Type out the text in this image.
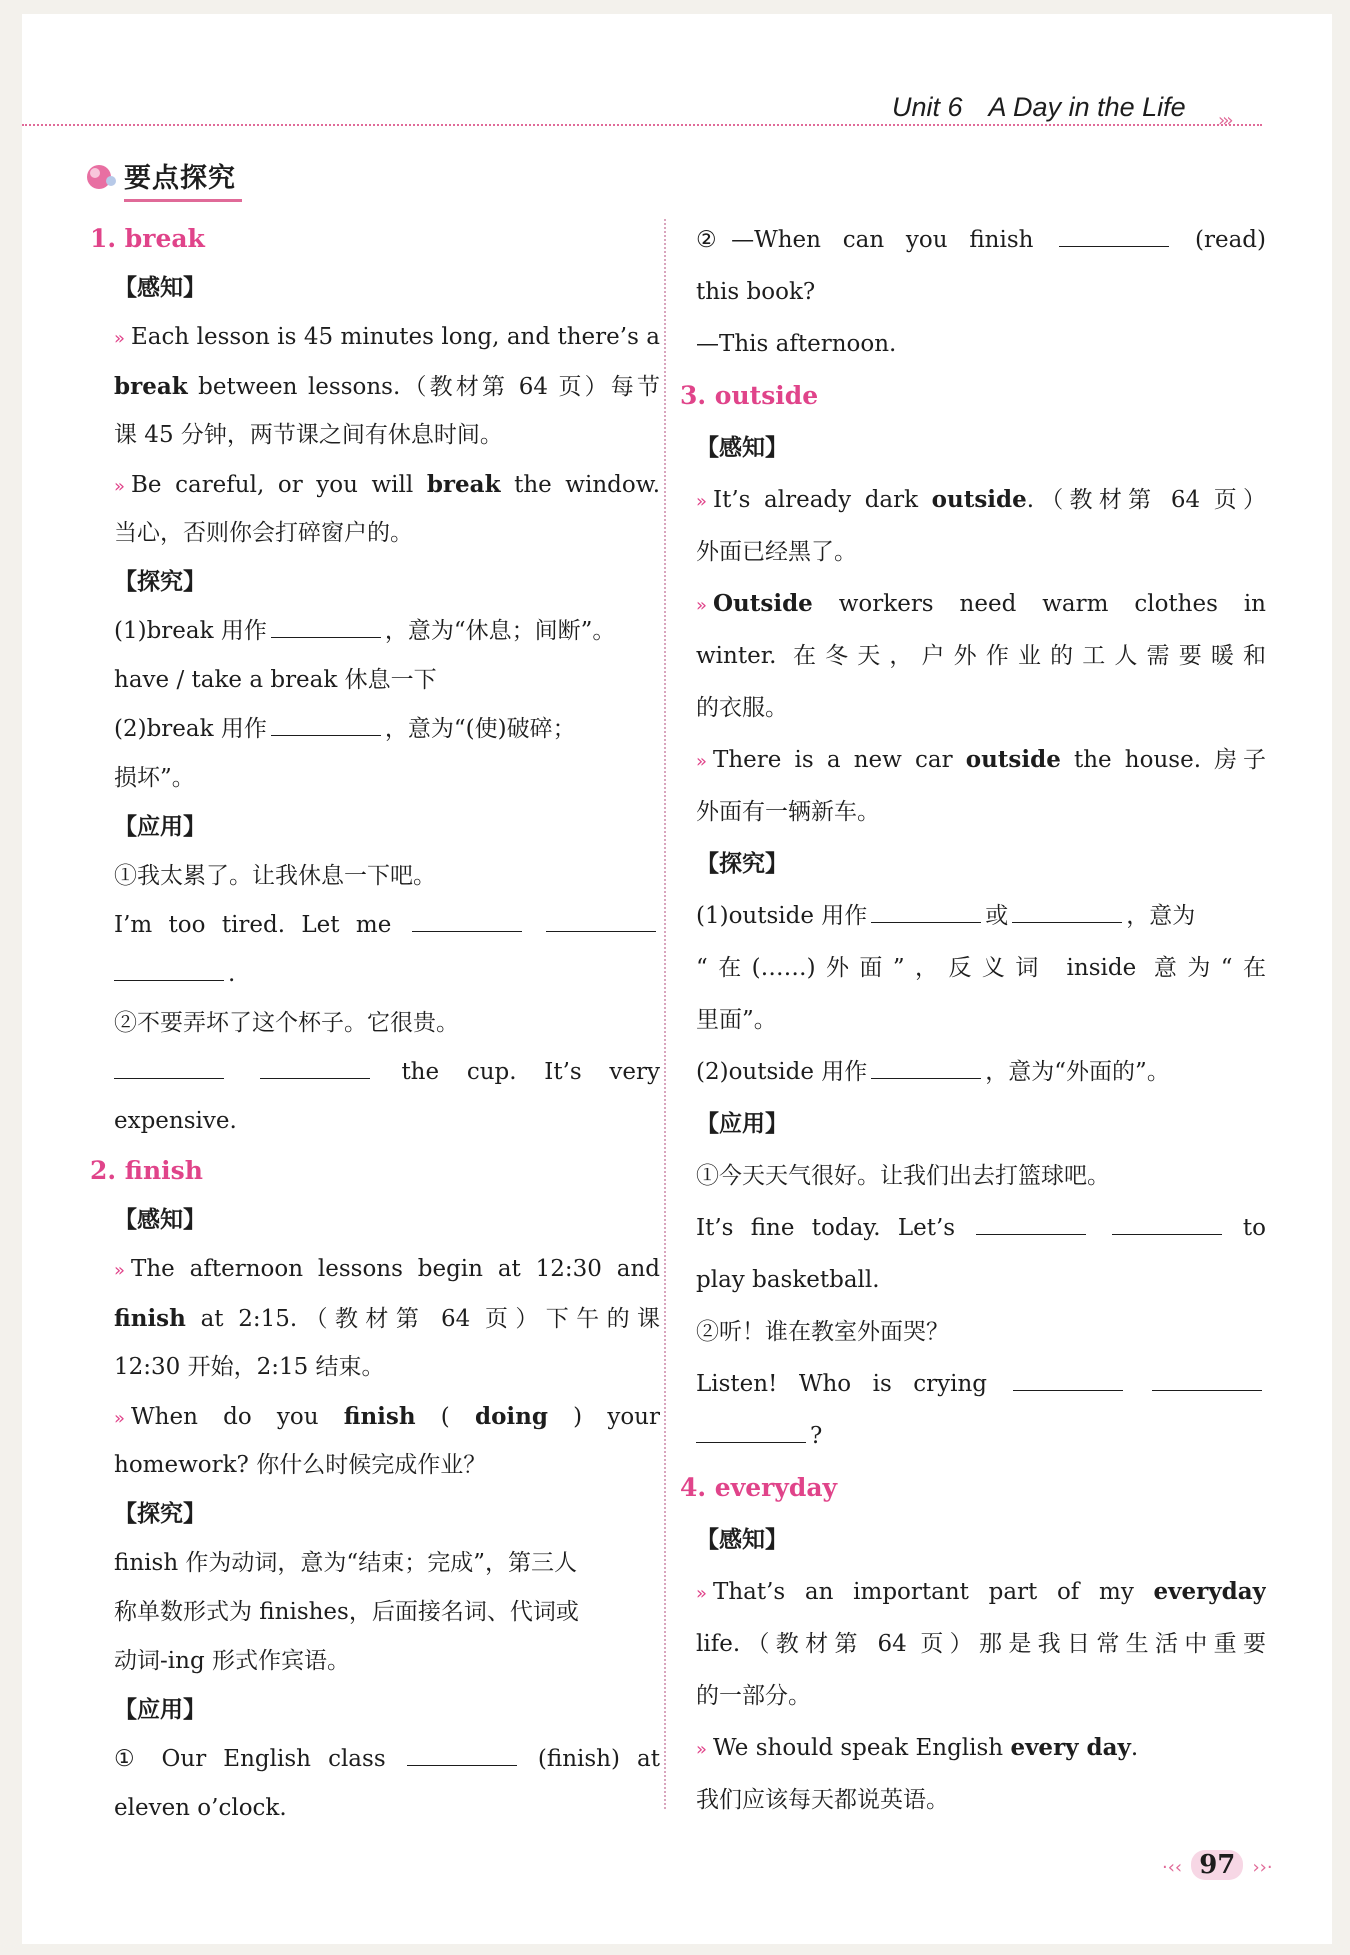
Unit 6 A Day in the Life ›››
要点探究
1. break
【感知】
» Each lesson is 45 minutes long, and there’s a
break between lessons.（教材第 64 页）每节
课 45 分钟，两节课之间有休息时间。
» Be careful, or you will break the window.
当心，否则你会打碎窗户的。
【探究】
(1)break 用作	，意为“休息；间断”。
have / take a break 休息一下
(2)break 用作	，意为“(使)破碎；
损坏”。
【应用】
①我太累了。让我休息一下吧。
I’m too tired. Let me
.
②不要弄坏了这个杯子。它很贵。
the cup. It’s very
expensive.
2. finish
【感知】
» The afternoon lessons begin at 12:30 and
finish at 2:15.（教材第 64 页）下午的课
12:30 开始，2:15 结束。
» When do you finish ( doing ) your
homework? 你什么时候完成作业？
【探究】
finish 作为动词，意为“结束；完成”，第三人
称单数形式为 finishes，后面接名词、代词或
动词-ing 形式作宾语。
【应用】
① Our English class	(finish) at
eleven o’clock.
②—When can you finish	(read)
this book?
—This afternoon.
3. outside
【感知】
» It’s already dark outside.（教材第 64 页）
外面已经黑了。
» Outside workers need warm clothes in
winter. 在冬天，户外作业的工人需要暖和
的衣服。
» There is a new car outside the house. 房子
外面有一辆新车。
【探究】
(1)outside 用作	或	，意为
“在(……)外面”，反义词 inside 意为“在
里面”。
(2)outside 用作	，意为“外面的”。
【应用】
①今天天气很好。让我们出去打篮球吧。
It’s fine today. Let’s	to
play basketball.
②听！谁在教室外面哭？
Listen! Who is crying
?
4. everyday
【感知】
» That’s an important part of my everyday
life.（教材第 64 页）那是我日常生活中重要
的一部分。
» We should speak English every day.
我们应该每天都说英语。
·‹‹ 97 ››·
